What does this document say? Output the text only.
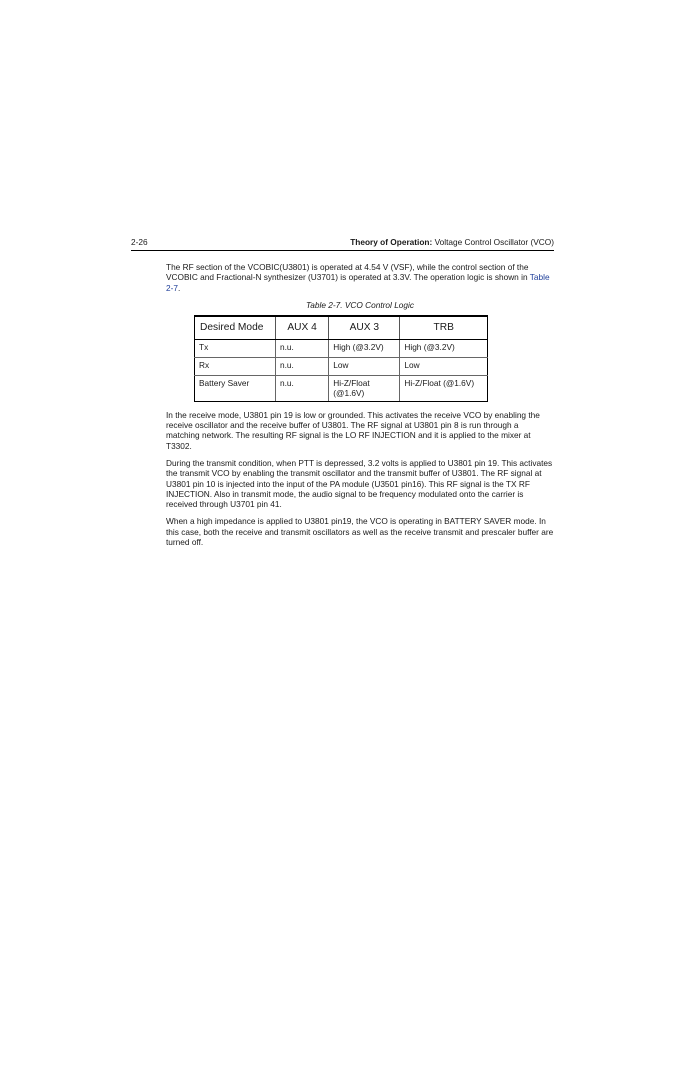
2-26	Theory of Operation: Voltage Control Oscillator (VCO)

The RF section of the VCOBIC(U3801) is operated at 4.54 V (VSF), while the control section of the VCOBIC and Fractional-N synthesizer (U3701) is operated at 3.3V. The operation logic is shown in Table 2-7.

Table 2-7. VCO Control Logic
Desired Mode	AUX 4	AUX 3	TRB
Tx	n.u.	High (@3.2V)	High (@3.2V)
Rx	n.u.	Low	Low
Battery Saver	n.u.	Hi-Z/Float (@1.6V)	Hi-Z/Float (@1.6V)

In the receive mode, U3801 pin 19 is low or grounded. This activates the receive VCO by enabling the receive oscillator and the receive buffer of U3801. The RF signal at U3801 pin 8 is run through a matching network. The resulting RF signal is the LO RF INJECTION and it is applied to the mixer at T3302.

During the transmit condition, when PTT is depressed, 3.2 volts is applied to U3801 pin 19. This activates the transmit VCO by enabling the transmit oscillator and the transmit buffer of U3801. The RF signal at U3801 pin 10 is injected into the input of the PA module (U3501 pin16). This RF signal is the TX RF INJECTION. Also in transmit mode, the audio signal to be frequency modulated onto the carrier is received through U3701 pin 41.

When a high impedance is applied to U3801 pin19, the VCO is operating in BATTERY SAVER mode. In this case, both the receive and transmit oscillators as well as the receive transmit and prescaler buffer are turned off.
